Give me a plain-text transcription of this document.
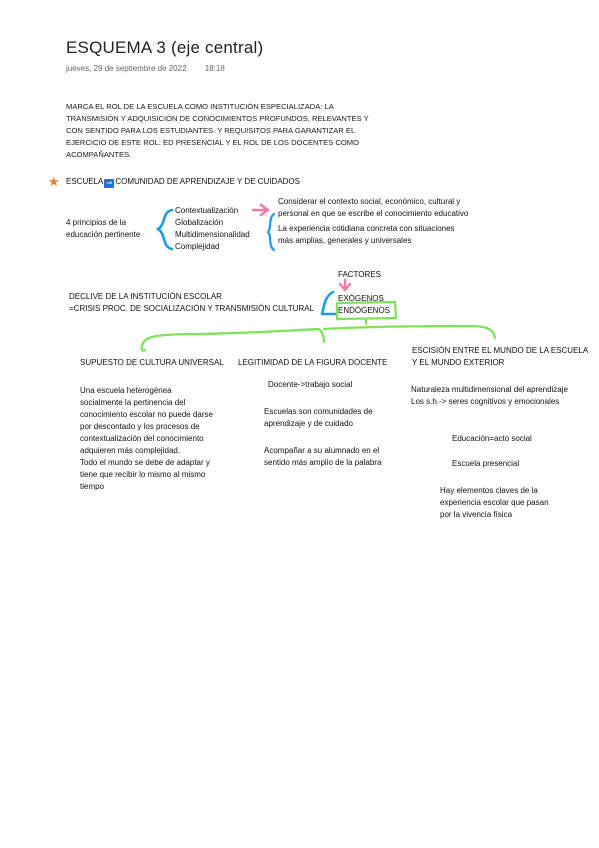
ESQUEMA 3 (eje central)
jueves, 29 de septiembre de 2022 18:18
MARCA EL ROL DE LA ESCUELA COMO INSTITUCIÓN ESPECIALIZADA: LA TRANSMISIÓN Y ADQUISICIÓN DE CONOCIMIENTOS PROFUNDOS, RELEVANTES Y CON SENTIDO PARA LOS ESTUDIANTES. Y REQUISITOS PARA GARANTIZAR EL EJERCICIO DE ESTE ROL: ED PRESENCIAL Y EL ROL DE LOS DOCENTES COMO ACOMPAÑANTES.
★ ESCUELA ⇒ COMUNIDAD DE APRENDIZAJE Y DE CUIDADOS
4 principios de la
educación pertinente
Contextualización
Globalización
Multidimensionalidad
Complejidad
Considerar el contexto social, económico, cultural y
personal en que se escribe el conocimiento educativo
La experiencia cotidiana concreta con situaciones
más amplias, generales y universales
FACTORES
EXÓGENOS
ENDÓGENOS
DECLIVE DE LA INSTITUCIÓN ESCOLAR
=CRISIS PROC. DE SOCIALIZACIÓN Y TRANSMISIÓN CULTURAL
SUPUESTO DE CULTURA UNIVERSAL
Una escuela heterogénea
socialmente la pertinencia del
conocimiento escolar no puede darse
por descontado y los procesos de
contextualización del conocimiento
adquieren más complejidad.
Todo el mundo se debe de adaptar y
tiene que recibir lo mismo al mismo
tiempo
LEGITIMIDAD DE LA FIGURA DOCENTE
Docente->trabajo social
Escuelas son comunidades de
aprendizaje y de cuidado
Acompañar a su alumnado en el
sentido más amplio de la palabra
ESCISIÓN ENTRE EL MUNDO DE LA ESCUELA
Y EL MUNDO EXTERIOR
Naturaleza multidimensional del aprendizaje
Los s.h.-> seres cognitivos y emocionales
Educación=acto social
Escuela presencial
Hay elementos claves de la
experiencia escolar que pasan
por la vivencia física
